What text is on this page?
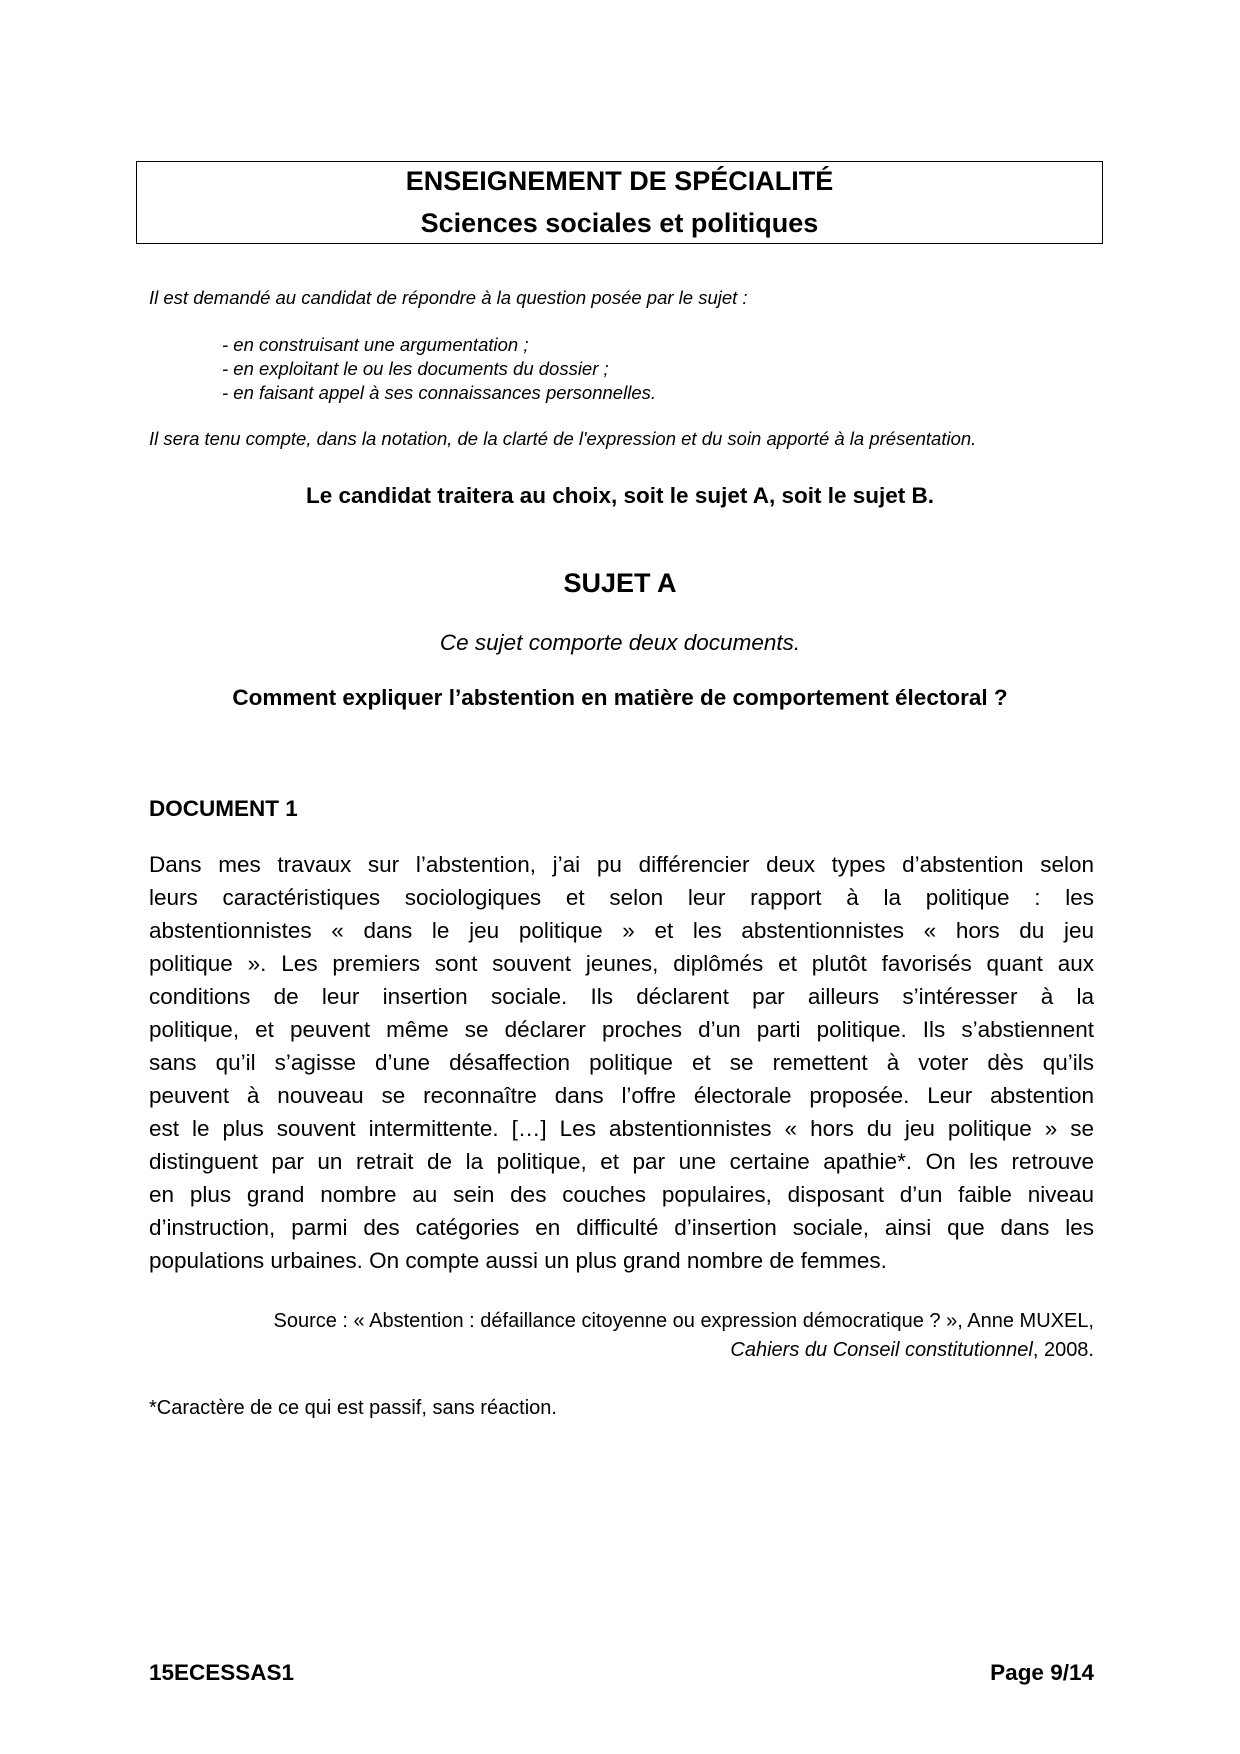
ENSEIGNEMENT DE SPÉCIALITÉ
Sciences sociales et politiques
Il est demandé au candidat de répondre à la question posée par le sujet :
- en construisant une argumentation ;
- en exploitant le ou les documents du dossier ;
- en faisant appel à ses connaissances personnelles.
Il sera tenu compte, dans la notation, de la clarté de l'expression et du soin apporté à la présentation.
Le candidat traitera au choix, soit le sujet A, soit le sujet B.
SUJET A
Ce sujet comporte deux documents.
Comment expliquer l’abstention en matière de comportement électoral ?
DOCUMENT 1
Dans mes travaux sur l’abstention, j’ai pu différencier deux types d’abstention selon
leurs caractéristiques sociologiques et selon leur rapport à la politique : les
abstentionnistes « dans le jeu politique » et les abstentionnistes « hors du jeu
politique ». Les premiers sont souvent jeunes, diplômés et plutôt favorisés quant aux
conditions de leur insertion sociale. Ils déclarent par ailleurs s’intéresser à la
politique, et peuvent même se déclarer proches d’un parti politique. Ils s’abstiennent
sans qu’il s’agisse d’une désaffection politique et se remettent à voter dès qu’ils
peuvent à nouveau se reconnaître dans l’offre électorale proposée. Leur abstention
est le plus souvent intermittente. […] Les abstentionnistes « hors du jeu politique » se
distinguent par un retrait de la politique, et par une certaine apathie*. On les retrouve
en plus grand nombre au sein des couches populaires, disposant d’un faible niveau
d’instruction, parmi des catégories en difficulté d’insertion sociale, ainsi que dans les
populations urbaines. On compte aussi un plus grand nombre de femmes.
Source : « Abstention : défaillance citoyenne ou expression démocratique ? », Anne MUXEL,
Cahiers du Conseil constitutionnel, 2008.
*Caractère de ce qui est passif, sans réaction.
15ECESSAS1	Page 9/14
